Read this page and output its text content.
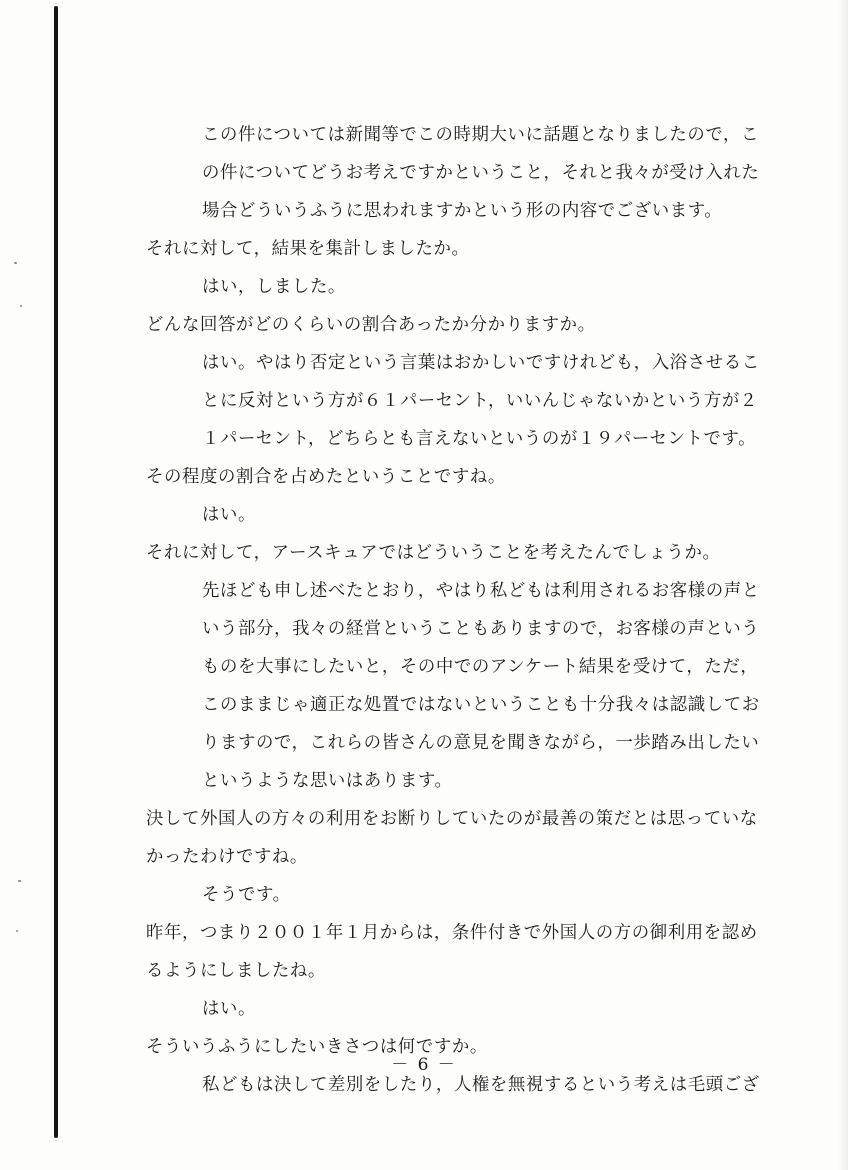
この件については新聞等でこの時期大いに話題となりましたので，こ
の件についてどうお考えですかということ，それと我々が受け入れた
場合どういうふうに思われますかという形の内容でございます。
それに対して，結果を集計しましたか。
はい，しました。
どんな回答がどのくらいの割合あったか分かりますか。
はい。やはり否定という言葉はおかしいですけれども，入浴させるこ
とに反対という方が６１パーセント，いいんじゃないかという方が２
１パーセント，どちらとも言えないというのが１９パーセントです。
その程度の割合を占めたということですね。
はい。
それに対して，アースキュアではどういうことを考えたんでしょうか。
先ほども申し述べたとおり，やはり私どもは利用されるお客様の声と
いう部分，我々の経営ということもありますので，お客様の声という
ものを大事にしたいと，その中でのアンケート結果を受けて，ただ，
このままじゃ適正な処置ではないということも十分我々は認識してお
りますので，これらの皆さんの意見を聞きながら，一歩踏み出したい
というような思いはあります。
決して外国人の方々の利用をお断りしていたのが最善の策だとは思っていな
かったわけですね。
そうです。
昨年，つまり２００１年１月からは，条件付きで外国人の方の御利用を認め
るようにしましたね。
はい。
そういうふうにしたいきさつは何ですか。
私どもは決して差別をしたり，人権を無視するという考えは毛頭ござ
－ 6 －
